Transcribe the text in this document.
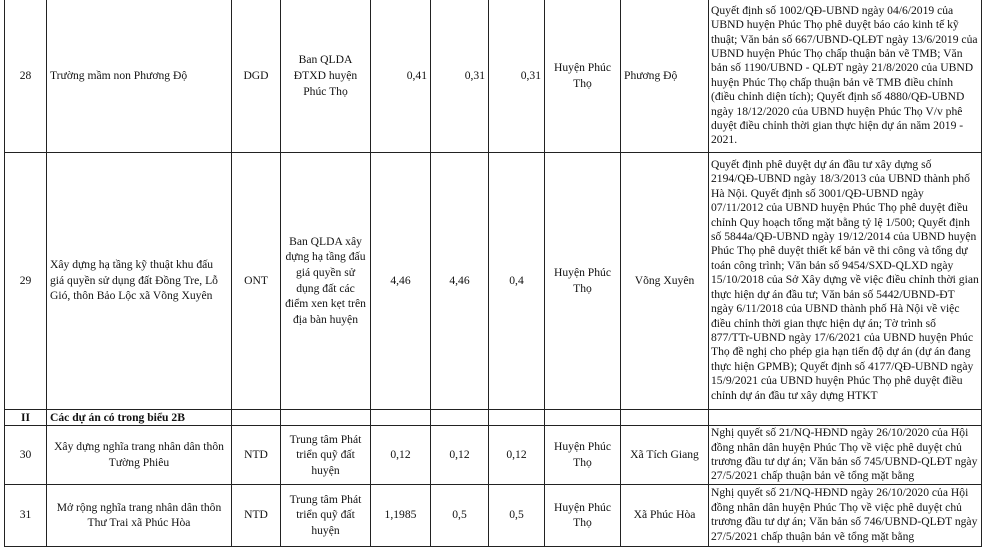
28	Trường mầm non Phương Độ	DGD	Ban QLDA ĐTXD huyện Phúc Thọ	0,41	0,31	0,31	Huyện Phúc Thọ	Phương Độ	Quyết định số 1002/QĐ-UBND ngày 04/6/2019 của UBND huyện Phúc Thọ phê duyệt báo cáo kinh tế kỹ thuật; Văn bản số 667/UBND-QLĐT ngày 13/6/2019 của UBND huyện Phúc Thọ chấp thuận bản vẽ TMB; Văn bản số 1190/UBND - QLĐT ngày 21/8/2020 của UBND huyện Phúc Thọ chấp thuận bản vẽ TMB điều chỉnh (điều chỉnh diện tích); Quyết định số 4880/QĐ-UBND ngày 18/12/2020 của UBND huyện Phúc Thọ V/v phê duyệt điều chỉnh thời gian thực hiện dự án năm 2019 - 2021.
29	Xây dựng hạ tầng kỹ thuật khu đấu giá quyền sử dụng đất Đồng Tre, Lỗ Gió, thôn Bảo Lộc xã Võng Xuyên	ONT	Ban QLDA xây dựng hạ tầng đấu giá quyền sử dụng đất các điểm xen kẹt trên địa bàn huyện	4,46	4,46	0,4	Huyện Phúc Thọ	Võng Xuyên	Quyết định phê duyệt dự án đầu tư xây dựng số 2194/QĐ-UBND ngày 18/3/2013 của UBND thành phố Hà Nội. Quyết định số 3001/QĐ-UBND ngày 07/11/2012 của UBND huyện Phúc Thọ phê duyệt điều chỉnh Quy hoạch tổng mặt bằng tỷ lệ 1/500; Quyết định số 5844a/QĐ-UBND ngày 19/12/2014 của UBND huyện Phúc Thọ phê duyệt thiết kế bản vẽ thi công và tổng dự toán công trình; Văn bản số 9454/SXD-QLXD ngày 15/10/2018 của Sở Xây dựng về việc điều chỉnh thời gian thực hiện dự án đầu tư; Văn bản số 5442/UBND-ĐT ngày 6/11/2018 của UBND thành phố Hà Nội về việc điều chỉnh thời gian thực hiện dự án; Tờ trình số 877/TTr-UBND ngày 17/6/2021 của UBND huyện Phúc Thọ đề nghị cho phép gia hạn tiến độ dự án (dự án đang thực hiện GPMB); Quyết định số 4177/QĐ-UBND ngày 15/9/2021 của UBND huyện Phúc Thọ phê duyệt điều chỉnh dự án đầu tư xây dựng HTKT
II	Các dự án có trong biểu 2B								
30	Xây dựng nghĩa trang nhân dân thôn Tường Phiêu	NTD	Trung tâm Phát triển quỹ đất huyện	0,12	0,12	0,12	Huyện Phúc Thọ	Xã Tích Giang	Nghị quyết số 21/NQ-HĐND ngày 26/10/2020 của Hội đồng nhân dân huyện Phúc Thọ về việc phê duyệt chủ trương đầu tư dự án; Văn bản số 745/UBND-QLĐT ngày 27/5/2021 chấp thuận bản vẽ tổng mặt bằng
31	Mở rộng nghĩa trang nhân dân thôn Thư Trai xã Phúc Hòa	NTD	Trung tâm Phát triển quỹ đất huyện	1,1985	0,5	0,5	Huyện Phúc Thọ	Xã Phúc Hòa	Nghị quyết số 21/NQ-HĐND ngày 26/10/2020 của Hội đồng nhân dân huyện Phúc Thọ về việc phê duyệt chủ trương đầu tư dự án; Văn bản số 746/UBND-QLĐT ngày 27/5/2021 chấp thuận bản vẽ tổng mặt bằng
